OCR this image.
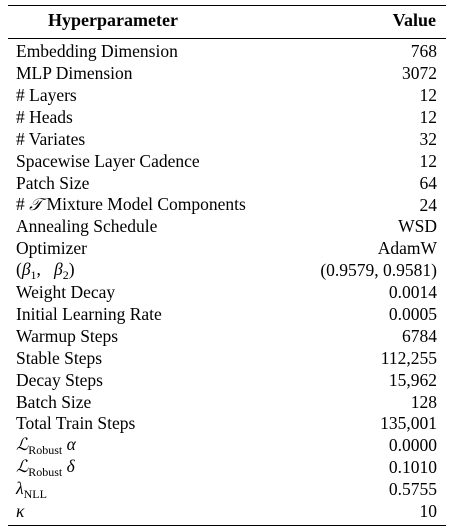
Hyperparameter	Value
Embedding Dimension	768
MLP Dimension	3072
# Layers	12
# Heads	12
# Variates	32
Spacewise Layer Cadence	12
Patch Size	64
# 𝒯 Mixture Model Components	24
Annealing Schedule	WSD
Optimizer	AdamW
($\beta_1$,   $\beta_2$)	(0.9579, 0.9581)
Weight Decay	0.0014
Initial Learning Rate	0.0005
Warmup Steps	6784
Stable Steps	112,255
Decay Steps	15,962
Batch Size	128
Total Train Steps	135,001
ℒ$_{Robust}$ α	0.0000
ℒ$_{Robust}$ δ	0.1010
$\lambda_{NLL}$	0.5755
κ	10
